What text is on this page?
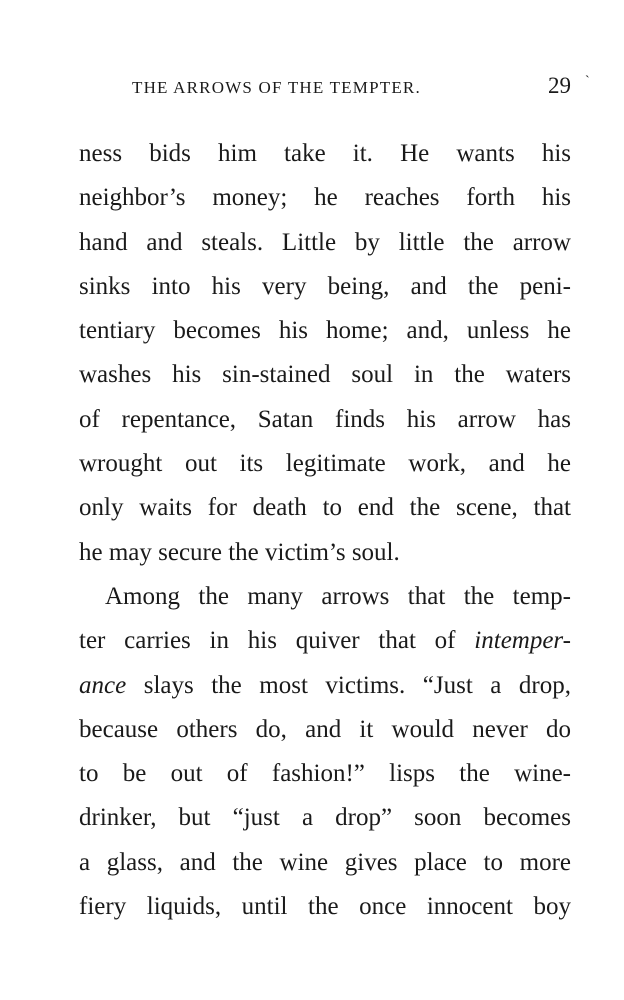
THE ARROWS OF THE TEMPTER.	29 `
ness bids him take it. He wants his
neighbor’s money; he reaches forth his
hand and steals. Little by little the arrow
sinks into his very being, and the peni-
tentiary becomes his home; and, unless he
washes his sin-stained soul in the waters
of repentance, Satan finds his arrow has
wrought out its legitimate work, and he
only waits for death to end the scene, that
he may secure the victim’s soul.
Among the many arrows that the temp-
ter carries in his quiver that of intemper-
ance slays the most victims. “Just a drop,
because others do, and it would never do
to be out of fashion!” lisps the wine-
drinker, but “just a drop” soon becomes
a glass, and the wine gives place to more
fiery liquids, until the once innocent boy
